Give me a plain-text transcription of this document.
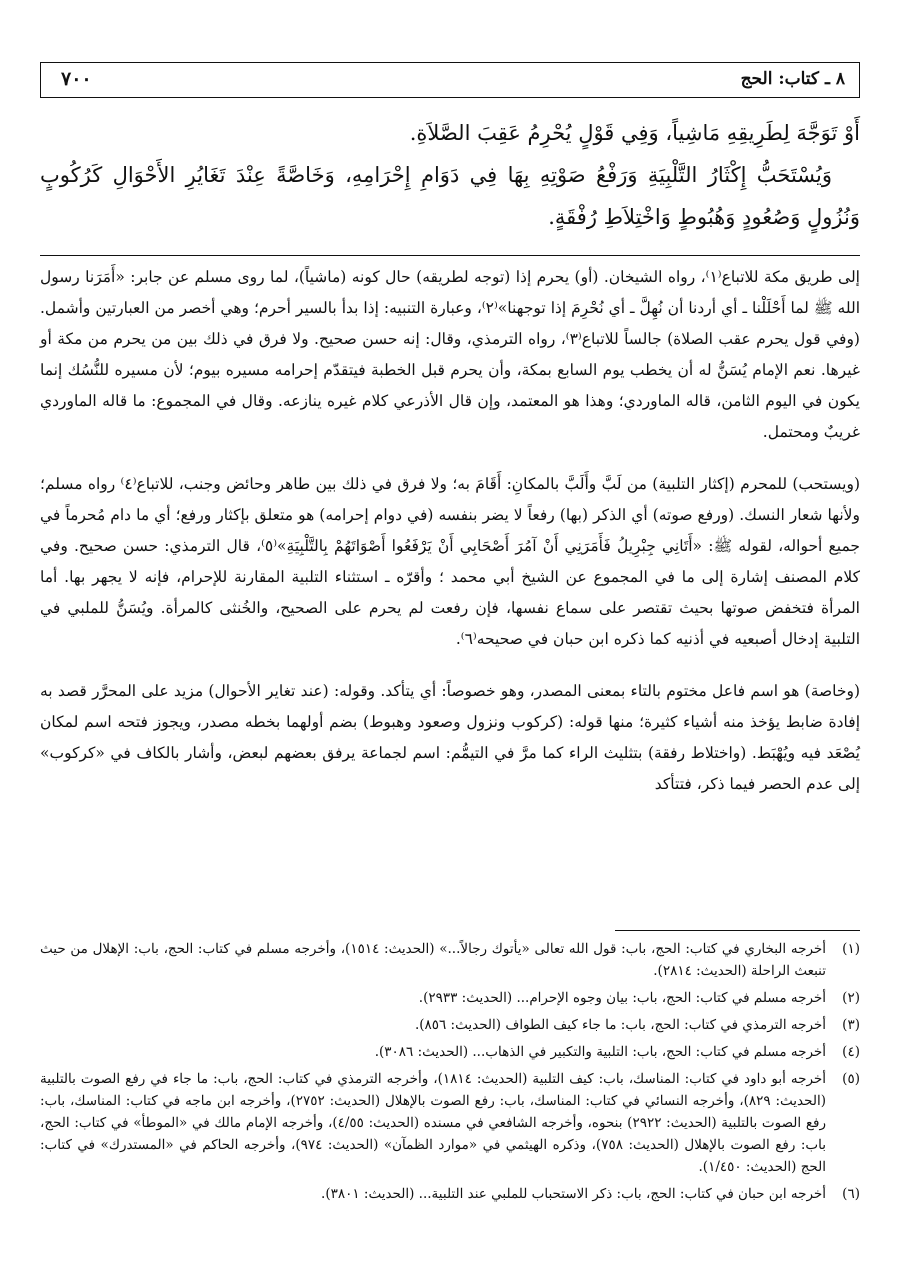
٧٠٠	٨ ـ كتاب: الحج

أَوْ تَوَجَّهَ لِطَرِيقِهِ مَاشِياً، وَفِي قَوْلٍ يُحْرِمُ عَقِبَ الصَّلاَةِ.

وَيُسْتَحَبُّ إِكْثَارُ التَّلْبِيَةِ وَرَفْعُ صَوْتِهِ بِهَا فِي دَوَامِ إِحْرَامِهِ، وَخَاصَّةً عِنْدَ تَغَايُرِ الأَحْوَالِ كَرُكُوبٍ وَنُزُولٍ وَصُعُودٍ وَهُبُوطٍ وَاخْتِلاَطِ رُفْقَةٍ.

إلى طريق مكة للاتباع⁽١⁾، رواه الشيخان. (أو) يحرم إذا (توجه لطريقه) حال كونه (ماشياً)، لما روى مسلم عن جابر: «أَمَرَنا رسول الله ﷺ لما أَحْلَلْنا ـ أي أردنا أن نُهِلَّ ـ أي نُحْرِمَ إذا توجهنا»⁽٢⁾، وعبارة التنبيه: إذا بدأ بالسير أحرم؛ وهي أخصر من العبارتين وأشمل. (وفي قول يحرم عقب الصلاة) جالساً للاتباع⁽٣⁾، رواه الترمذي، وقال: إنه حسن صحيح. ولا فرق في ذلك بين من يحرم من مكة أو غيرها. نعم الإمام يُسَنُّ له أن يخطب يوم السابع بمكة، وأن يحرم قبل الخطبة فيتقدّم إحرامه مسيره بيوم؛ لأن مسيره للنُّسُك إنما يكون في اليوم الثامن، قاله الماوردي؛ وهذا هو المعتمد، وإن قال الأذرعي كلام غيره ينازعه. وقال في المجموع: ما قاله الماوردي غريبٌ ومحتمل.

(ويستحب) للمحرم (إكثار التلبية) من لَبَّ وأَلَبَّ بالمكانِ: أَقَامَ به؛ ولا فرق في ذلك بين طاهر وحائض وجنب، للاتباع⁽٤⁾ رواه مسلم؛ ولأنها شعار النسك. (ورفع صوته) أي الذكر (بها) رفعاً لا يضر بنفسه (في دوام إحرامه) هو متعلق بإكثار ورفع؛ أي ما دام مُحرماً في جميع أحواله، لقوله ﷺ: «أَتَانِي جِبْرِيلُ فَأَمَرَنِي أَنْ آمُرَ أَصْحَابِي أَنْ يَرْفَعُوا أَصْوَاتَهُمْ بِالتَّلْبِيَةِ»⁽٥⁾، قال الترمذي: حسن صحيح. وفي كلام المصنف إشارة إلى ما في المجموع عن الشيخ أبي محمد ؛ وأقرّه ـ استثناء التلبية المقارنة للإحرام، فإنه لا يجهر بها. أما المرأة فتخفض صوتها بحيث تقتصر على سماع نفسها، فإن رفعت لم يحرم على الصحيح، والخُنثى كالمرأة. ويُسَنُّ للملبي في التلبية إدخال أصبعيه في أذنيه كما ذكره ابن حبان في صحيحه⁽٦⁾.

(وخاصة) هو اسم فاعل مختوم بالتاء بمعنى المصدر، وهو خصوصاً: أي يتأكد. وقوله: (عند تغاير الأحوال) مزيد على المحرَّر قصد به إفادة ضابط يؤخذ منه أشياء كثيرة؛ منها قوله: (كركوب ونزول وصعود وهبوط) بضم أولهما بخطه مصدر، ويجوز فتحه اسم لمكان يُصْعَد فيه ويُهْبَط. (واختلاط رفقة) بتثليث الراء كما مرَّ في التيمُّم: اسم لجماعة يرفق بعضهم لبعض، وأشار بالكاف في «كركوب» إلى عدم الحصر فيما ذكر، فتتأكد

(١)
أخرجه البخاري في كتاب: الحج، باب: قول الله تعالى «يأتوك رجالاً...» (الحديث: ١٥١٤)، وأخرجه مسلم في كتاب: الحج، باب: الإهلال من حيث تنبعث الراحلة (الحديث: ٢٨١٤).
(٢)
أخرجه مسلم في كتاب: الحج، باب: بيان وجوه الإحرام... (الحديث: ٢٩٣٣).
(٣)
أخرجه الترمذي في كتاب: الحج، باب: ما جاء كيف الطواف (الحديث: ٨٥٦).
(٤)
أخرجه مسلم في كتاب: الحج، باب: التلبية والتكبير في الذهاب... (الحديث: ٣٠٨٦).
(٥)
أخرجه أبو داود في كتاب: المناسك، باب: كيف التلبية (الحديث: ١٨١٤)، وأخرجه الترمذي في كتاب: الحج، باب: ما جاء في رفع الصوت بالتلبية (الحديث: ٨٢٩)، وأخرجه النسائي في كتاب: المناسك، باب: رفع الصوت بالإهلال (الحديث: ٢٧٥٢)، وأخرجه ابن ماجه في كتاب: المناسك، باب: رفع الصوت بالتلبية (الحديث: ٢٩٢٢) بنحوه، وأخرجه الشافعي في مسنده (الحديث: ٤/٥٥)، وأخرجه الإمام مالك في «الموطأ» في كتاب: الحج، باب: رفع الصوت بالإهلال (الحديث: ٧٥٨)، وذكره الهيثمي في «موارد الظمآن» (الحديث: ٩٧٤)، وأخرجه الحاكم في «المستدرك» في كتاب: الحج (الحديث: ١/٤٥٠).
(٦)
أخرجه ابن حبان في كتاب: الحج، باب: ذكر الاستحباب للملبي عند التلبية... (الحديث: ٣٨٠١).
